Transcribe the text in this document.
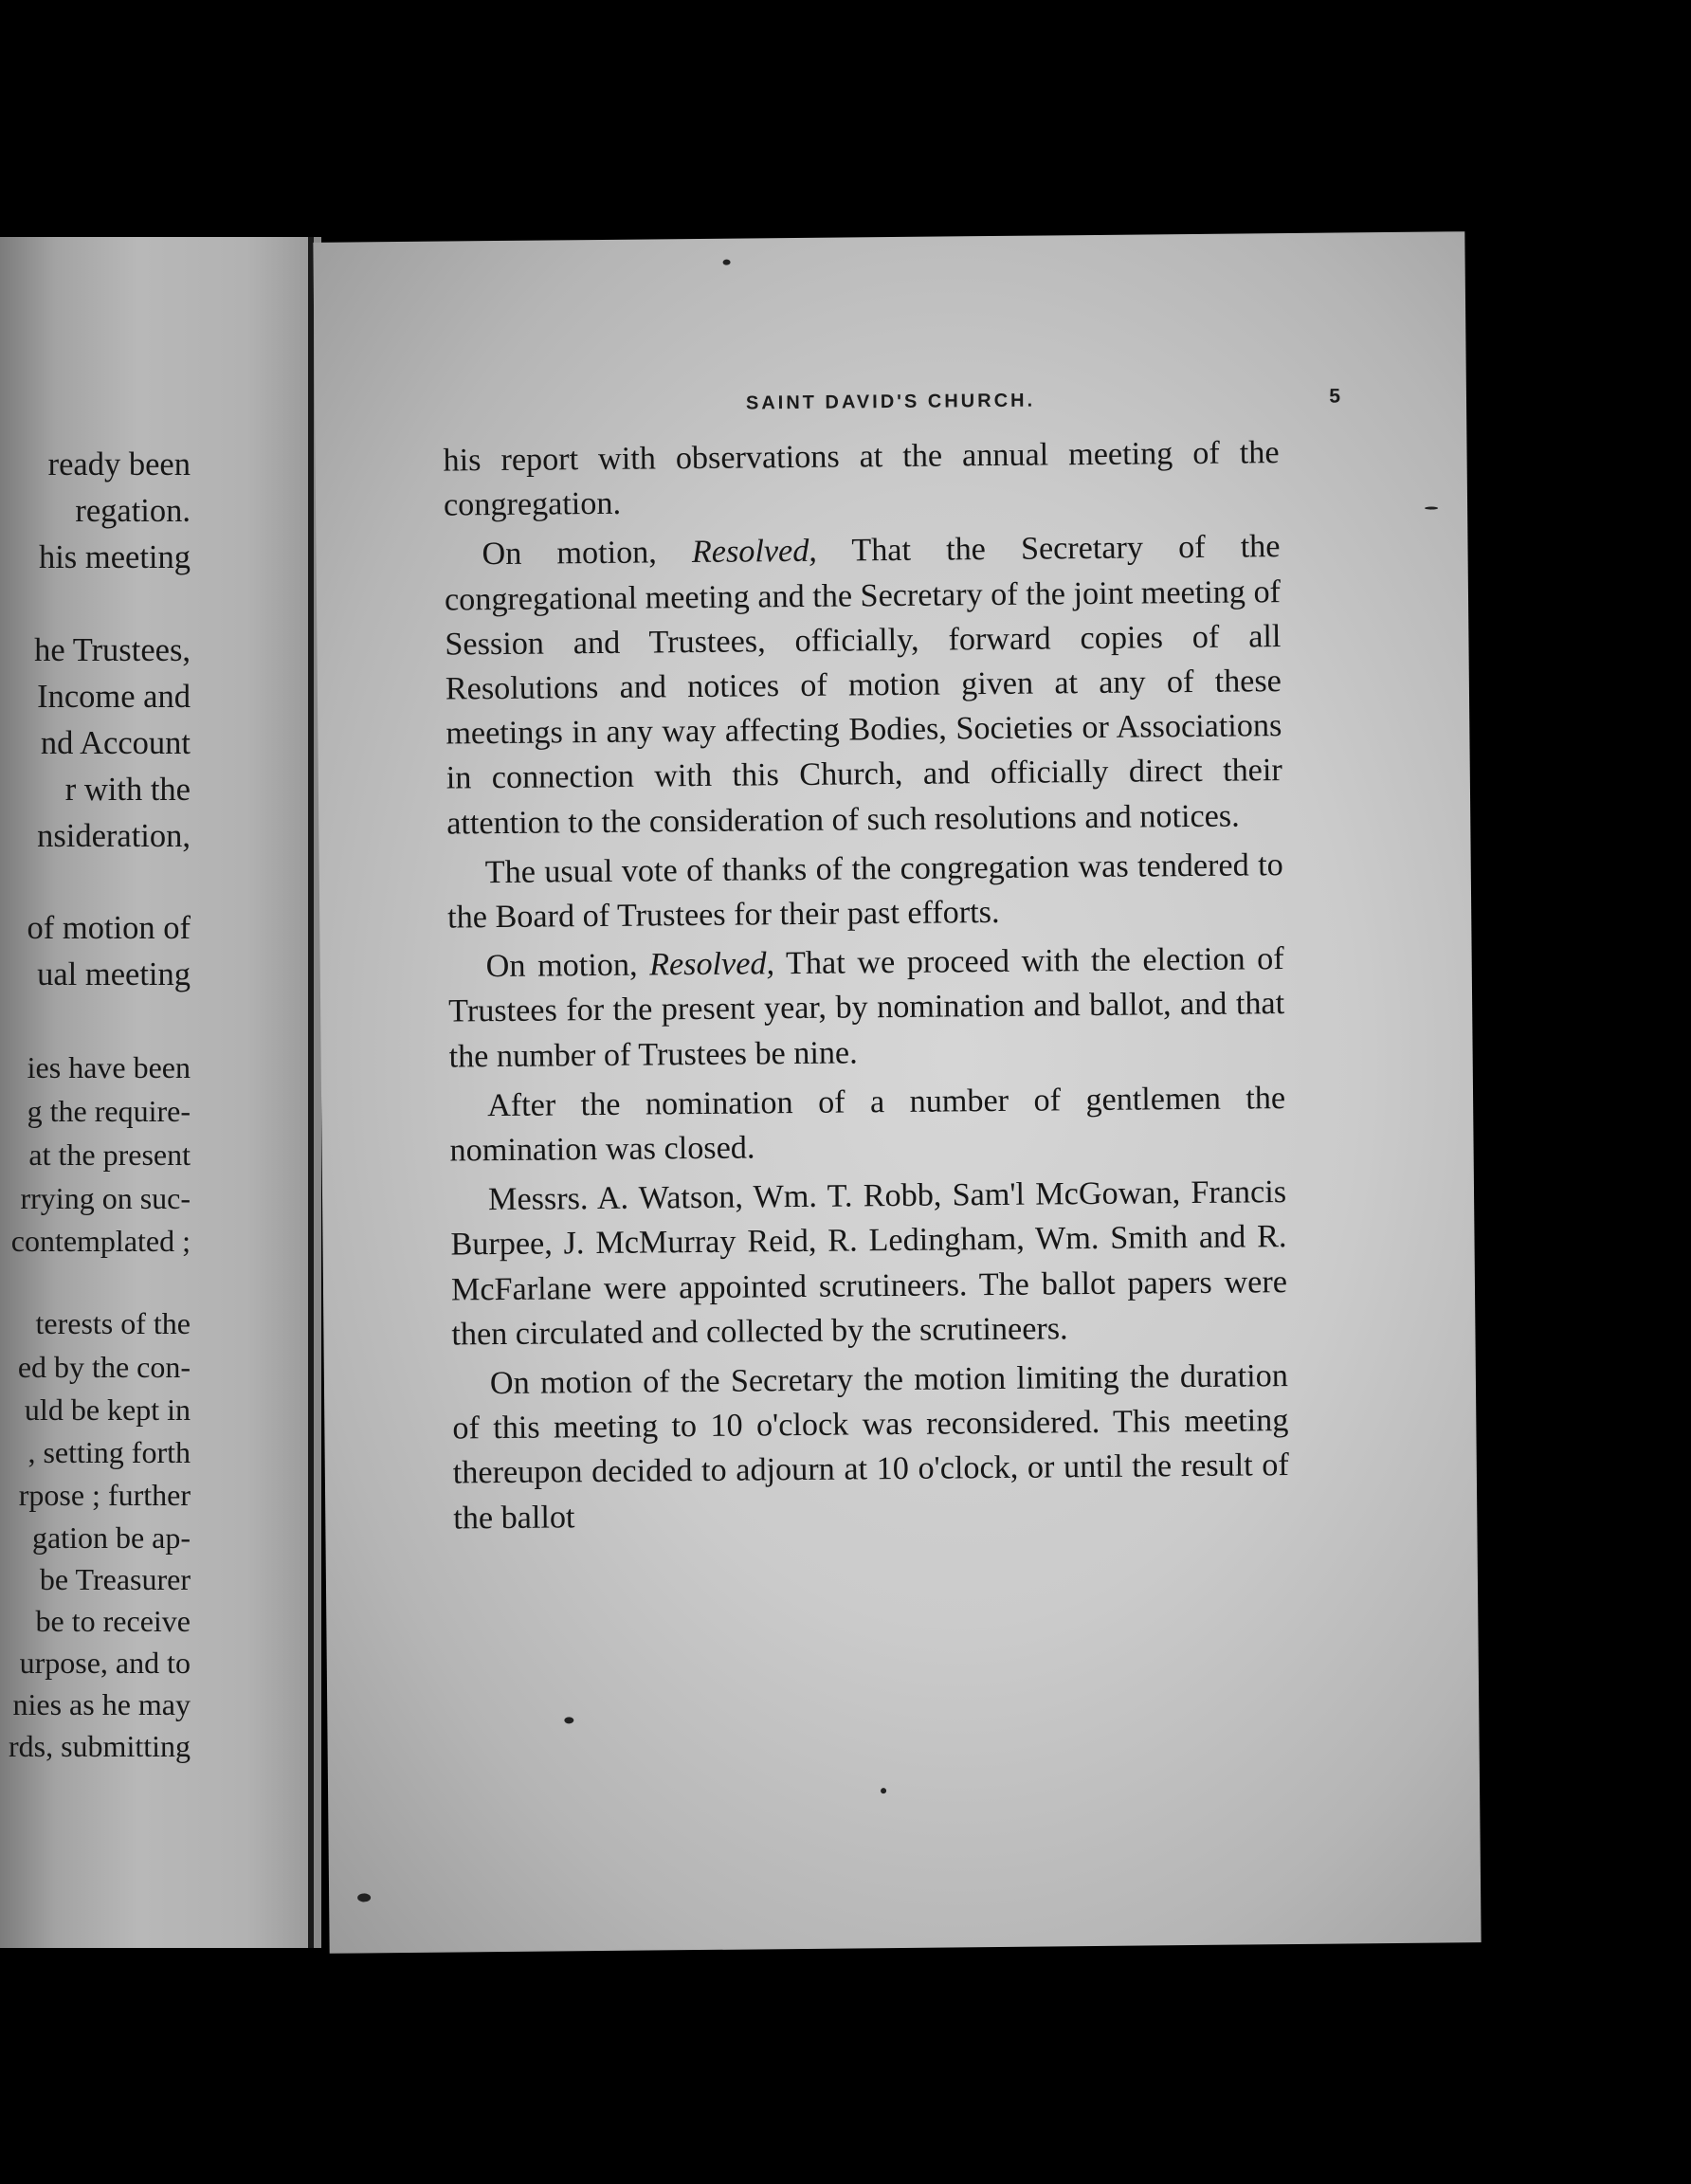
ready been
regation.
his meeting
he Trustees,
Income and
nd Account
r with the
nsideration,
of motion of
ual meeting
ies have been
g the require-
at the present
rrying on suc-
contemplated ;
terests of the
ed by the con-
uld be kept in
, setting forth
rpose ; further
gation be ap-
be Treasurer
be to receive
urpose, and to
nies as he may
rds, submitting
SAINT DAVID'S CHURCH.	5

his report with observations at the annual meeting of the congregation.

On motion, Resolved, That the Secretary of the congregational meeting and the Secretary of the joint meeting of Session and Trustees, officially, forward copies of all Resolutions and notices of motion given at any of these meetings in any way affecting Bodies, Societies or Associations in connection with this Church, and officially direct their attention to the consideration of such resolutions and notices.

The usual vote of thanks of the congregation was tendered to the Board of Trustees for their past efforts.

On motion, Resolved, That we proceed with the election of Trustees for the present year, by nomination and ballot, and that the number of Trustees be nine.

After the nomination of a number of gentlemen the nomination was closed.

Messrs. A. Watson, Wm. T. Robb, Sam'l McGowan, Francis Burpee, J. McMurray Reid, R. Ledingham, Wm. Smith and R. McFarlane were appointed scrutineers. The ballot papers were then circulated and collected by the scrutineers.

On motion of the Secretary the motion limiting the duration of this meeting to 10 o'clock was reconsidered. This meeting thereupon decided to adjourn at 10 o'clock, or until the result of the ballot
